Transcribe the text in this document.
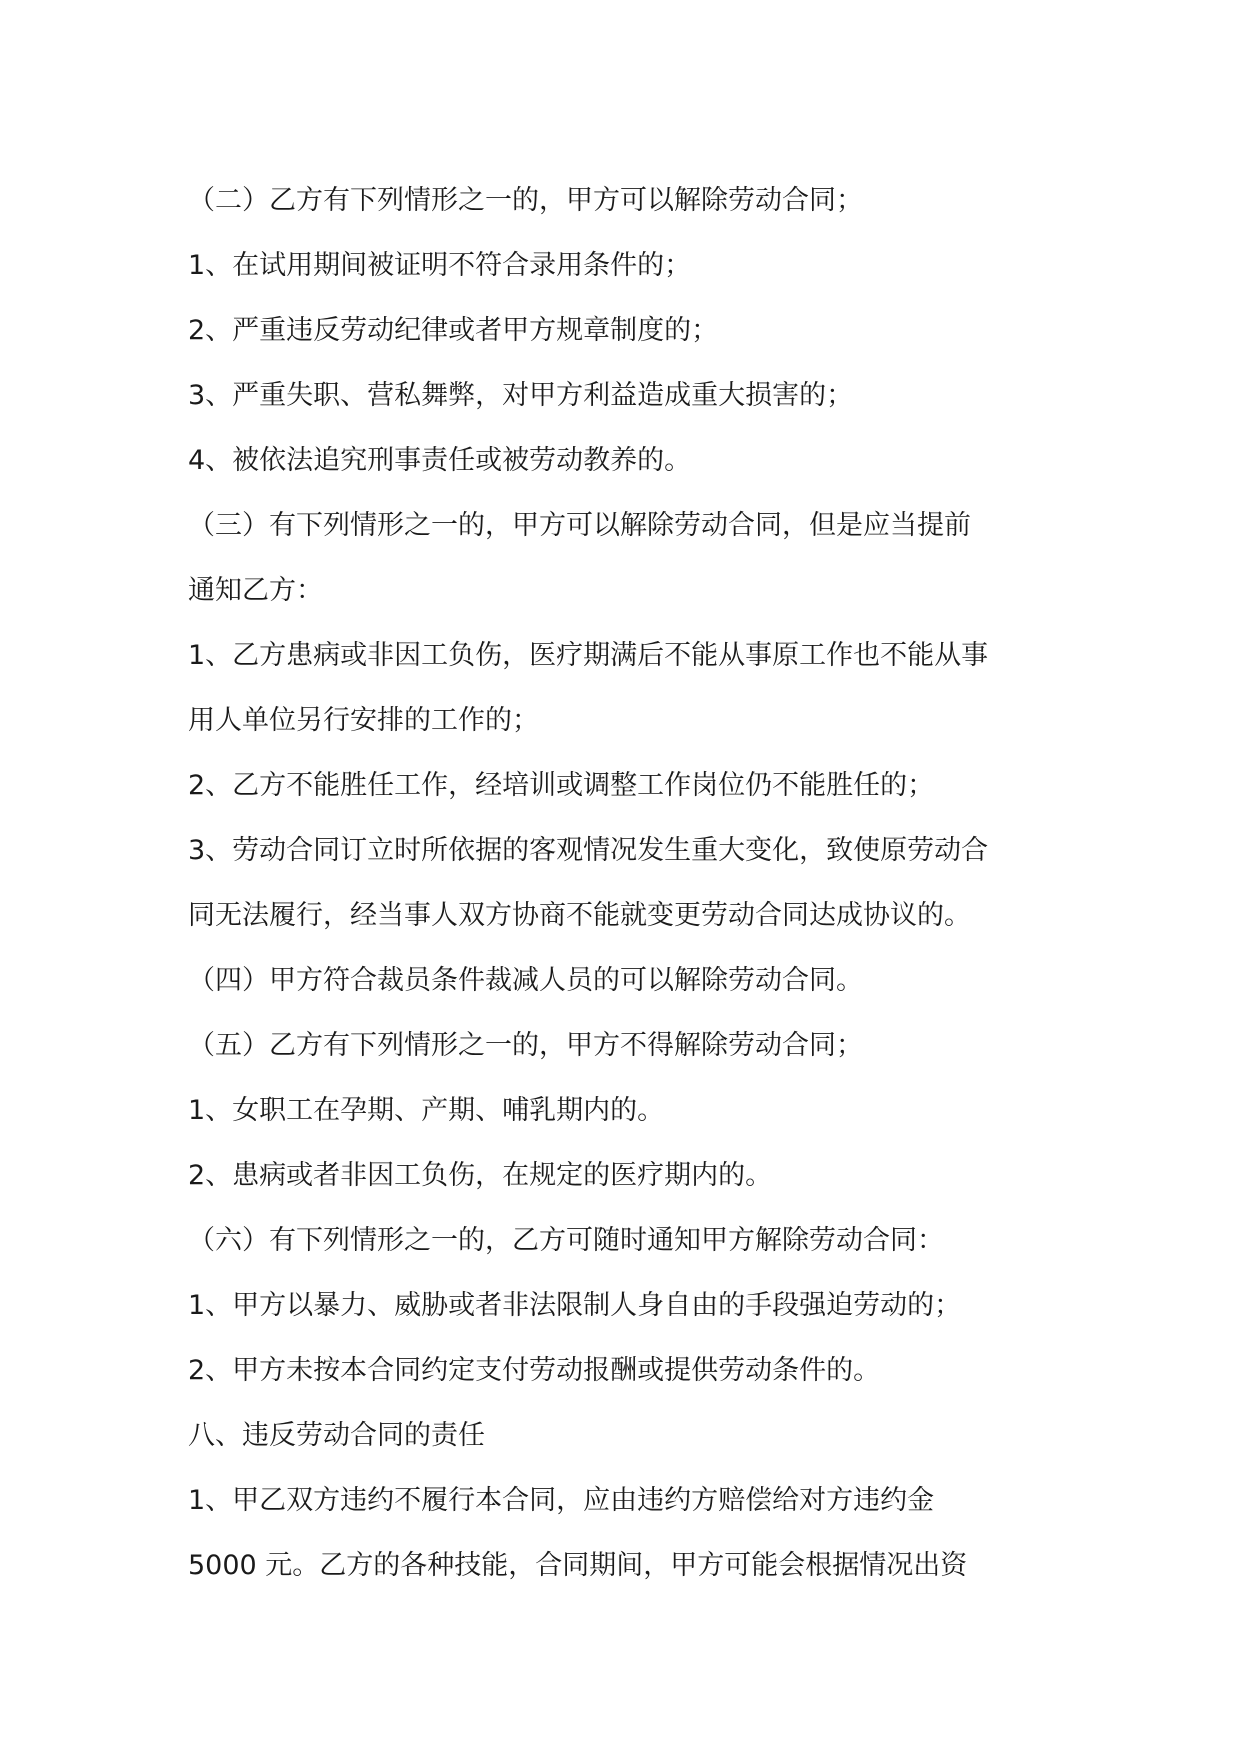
（二）乙方有下列情形之一的，甲方可以解除劳动合同；
1、在试用期间被证明不符合录用条件的；
2、严重违反劳动纪律或者甲方规章制度的；
3、严重失职、营私舞弊，对甲方利益造成重大损害的；
4、被依法追究刑事责任或被劳动教养的。
（三）有下列情形之一的，甲方可以解除劳动合同，但是应当提前
通知乙方：
1、乙方患病或非因工负伤，医疗期满后不能从事原工作也不能从事
用人单位另行安排的工作的；
2、乙方不能胜任工作，经培训或调整工作岗位仍不能胜任的；
3、劳动合同订立时所依据的客观情况发生重大变化，致使原劳动合
同无法履行，经当事人双方协商不能就变更劳动合同达成协议的。
（四）甲方符合裁员条件裁减人员的可以解除劳动合同。
（五）乙方有下列情形之一的，甲方不得解除劳动合同；
1、女职工在孕期、产期、哺乳期内的。
2、患病或者非因工负伤，在规定的医疗期内的。
（六）有下列情形之一的，乙方可随时通知甲方解除劳动合同：
1、甲方以暴力、威胁或者非法限制人身自由的手段强迫劳动的；
2、甲方未按本合同约定支付劳动报酬或提供劳动条件的。
八、违反劳动合同的责任
1、甲乙双方违约不履行本合同，应由违约方赔偿给对方违约金
5000 元。乙方的各种技能，合同期间，甲方可能会根据情况出资
